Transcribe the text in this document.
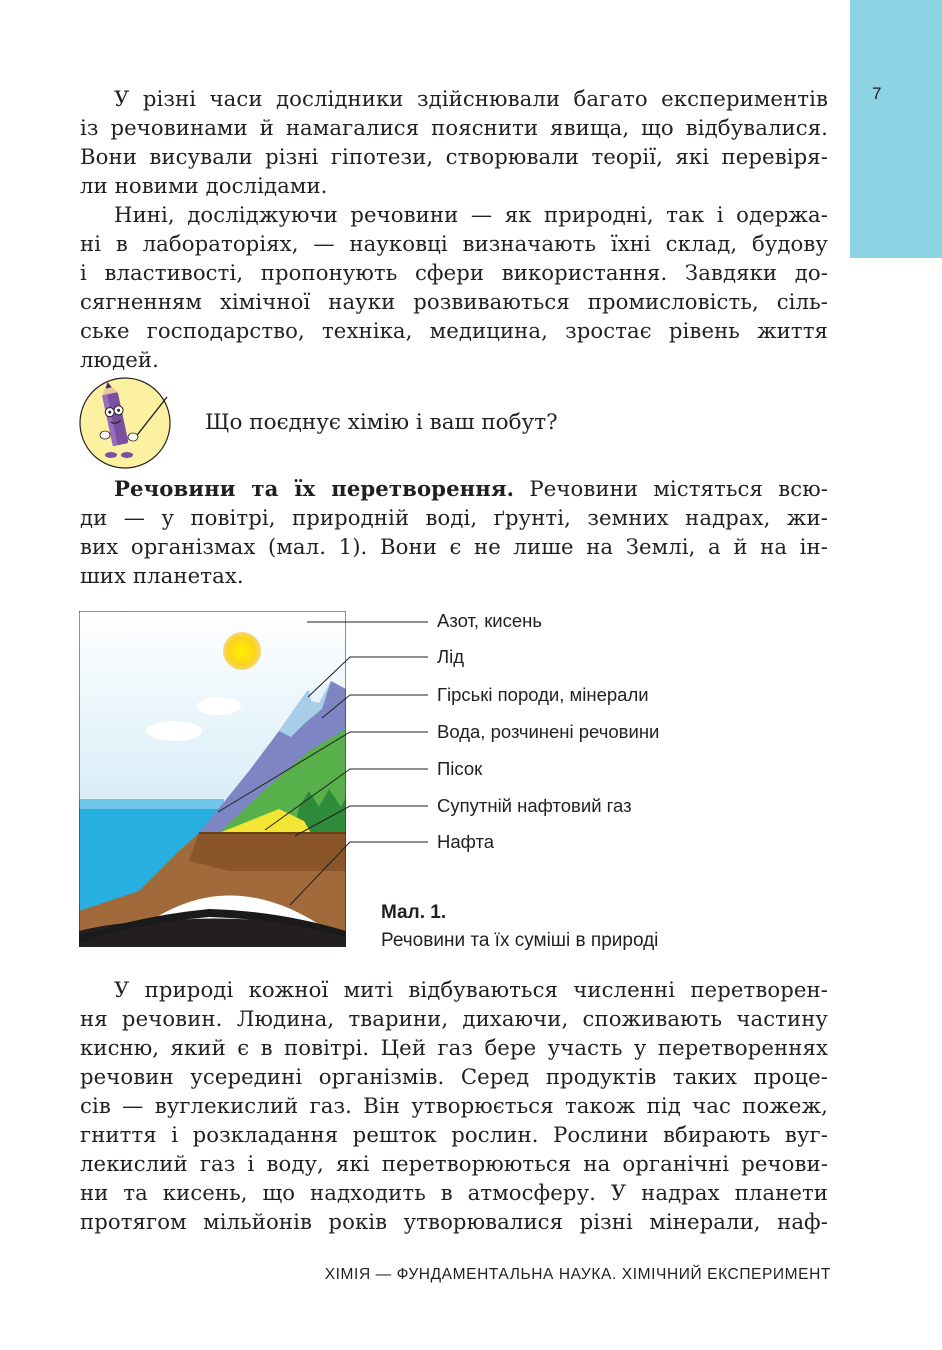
7

У різні часи дослідники здійснювали багато експериментів
із речовинами й намагалися пояснити явища, що відбувалися.
Вони висували різні гіпотези, створювали теорії, які перевіря-
ли новими дослідами.

Нині, досліджуючи речовини — як природні, так і одержа-
ні в лабораторіях, — науковці визначають їхні склад, будову
і властивості, пропонують сфери використання. Завдяки до-
сягненням хімічної науки розвиваються промисловість, сіль-
ське господарство, техніка, медицина, зростає рівень життя
людей.

Що поєднує хімію і ваш побут?

Речовини та їх перетворення. Речовини містяться всю-
ди — у повітрі, природній воді, ґрунті, земних надрах, жи-
вих організмах (мал. 1). Вони є не лише на Землі, а й на ін-
ших планетах.

Азот, кисень
Лід
Гірські породи, мінерали
Вода, розчинені речовини
Пісок
Супутній нафтовий газ
Нафта
Мал. 1.
Речовини та їх суміші в природі

У природі кожної миті відбуваються численні перетворен-
ня речовин. Людина, тварини, дихаючи, споживають частину
кисню, який є в повітрі. Цей газ бере участь у перетвореннях
речовин усередині організмів. Серед продуктів таких проце-
сів — вуглекислий газ. Він утворюється також під час пожеж,
гниття і розкладання решток рослин. Рослини вбирають вуг-
лекислий газ і воду, які перетворюються на органічні речови-
ни та кисень, що надходить в атмосферу. У надрах планети
протягом мільйонів років утворювалися різні мінерали, наф-

ХІМІЯ — ФУНДАМЕНТАЛЬНА НАУКА. ХІМІЧНИЙ ЕКСПЕРИМЕНТ
